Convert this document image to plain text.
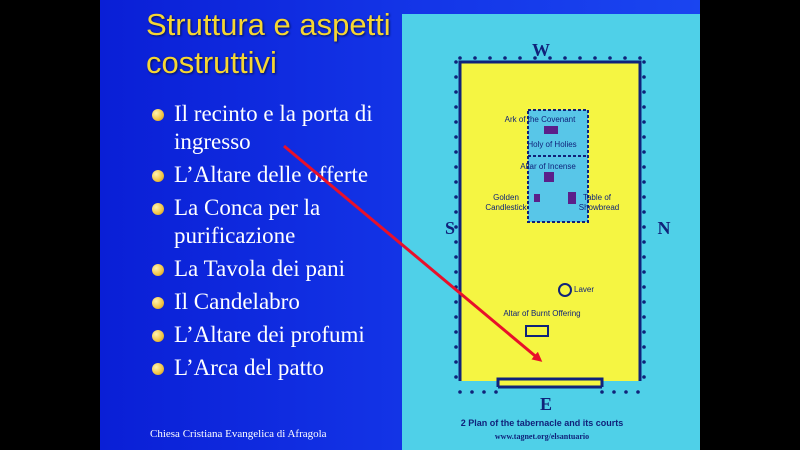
Struttura e aspetti
costruttivi
Il recinto e la porta di
ingresso
L’Altare delle offerte
La Conca per la
purificazione
La Tavola dei pani
Il Candelabro
L’Altare dei profumi
L’Arca del patto
Chiesa Cristiana Evangelica di Afragola
Ark of the Covenant
Holy of Holies
Altar of Incense
Golden
Candlestick
Table of
Showbread
Laver
Altar of Burnt Offering
W
S	N
E
2 Plan of the tabernacle and its courts
www.tagnet.org/elsantuario
